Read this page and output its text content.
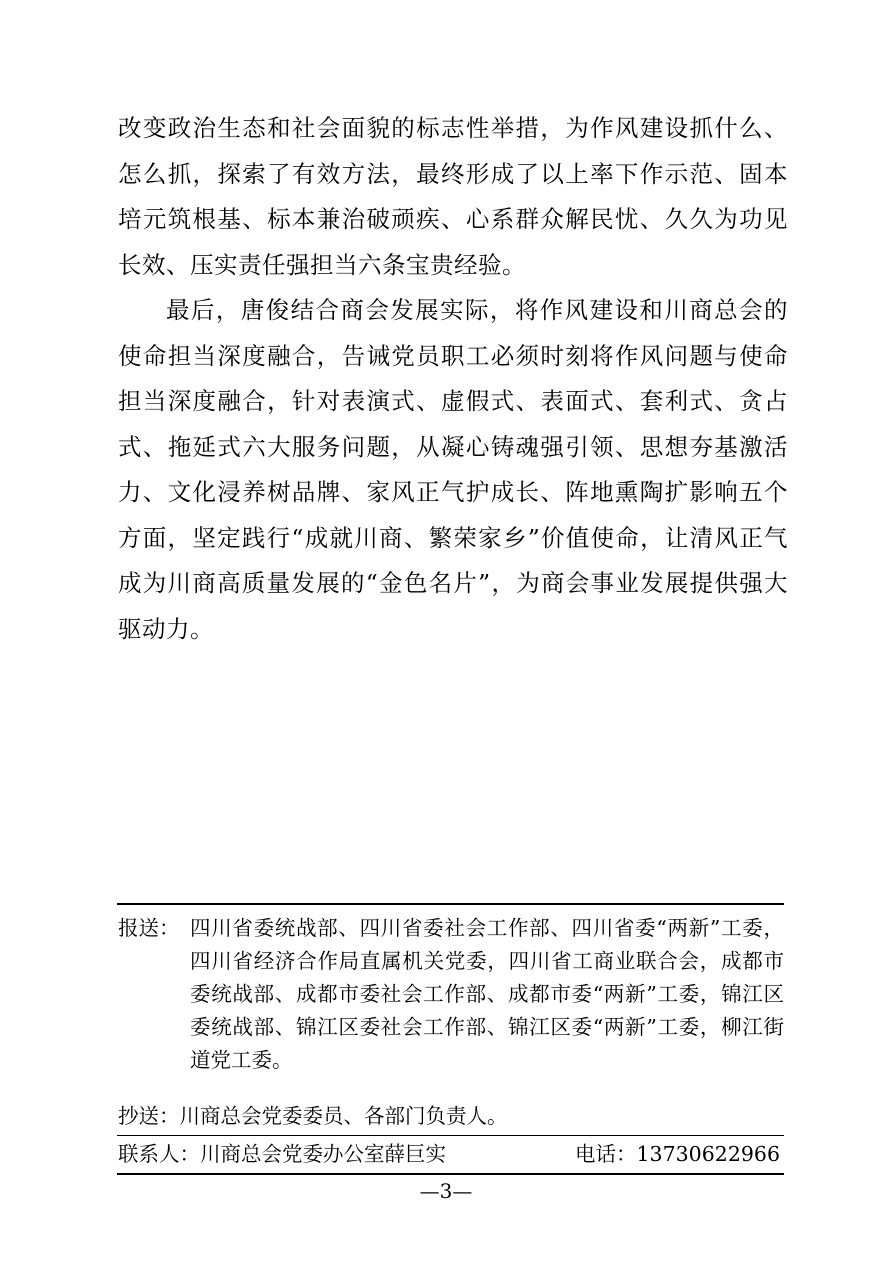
改变政治生态和社会面貌的标志性举措，为作风建设抓什么、怎么抓，探索了有效方法，最终形成了以上率下作示范、固本培元筑根基、标本兼治破顽疾、心系群众解民忧、久久为功见长效、压实责任强担当六条宝贵经验。

最后，唐俊结合商会发展实际，将作风建设和川商总会的使命担当深度融合，告诫党员职工必须时刻将作风问题与使命担当深度融合，针对表演式、虚假式、表面式、套利式、贪占式、拖延式六大服务问题，从凝心铸魂强引领、思想夯基激活力、文化浸养树品牌、家风正气护成长、阵地熏陶扩影响五个方面，坚定践行“成就川商、繁荣家乡”价值使命，让清风正气成为川商高质量发展的“金色名片”，为商会事业发展提供强大驱动力。

报送： 四川省委统战部、四川省委社会工作部、四川省委“两新”工委，四川省经济合作局直属机关党委，四川省工商业联合会，成都市委统战部、成都市委社会工作部、成都市委“两新”工委，锦江区委统战部、锦江区委社会工作部、锦江区委“两新”工委，柳江街道党工委。
抄送：川商总会党委委员、各部门负责人。
联系人：川商总会党委办公室薛巨实	电话：13730622966
—3—
